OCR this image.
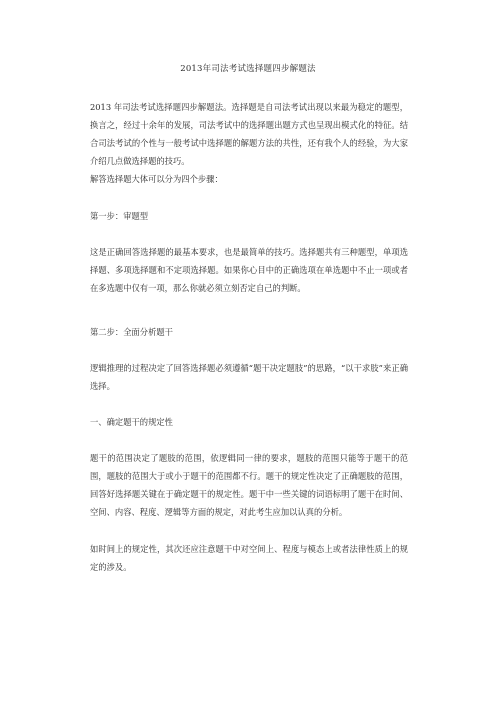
2013年司法考试选择题四步解题法

2013 年司法考试选择题四步解题法。选择题是自司法考试出现以来最为稳定的题型，换言之，经过十余年的发展，司法考试中的选择题出题方式也呈现出模式化的特征。结合司法考试的个性与一般考试中选择题的解题方法的共性，还有我个人的经验，为大家介绍几点做选择题的技巧。

解答选择题大体可以分为四个步骤：

第一步：审题型

这是正确回答选择题的最基本要求，也是最简单的技巧。选择题共有三种题型，单项选择题、多项选择题和不定项选择题。如果你心目中的正确选项在单选题中不止一项或者在多选题中仅有一项，那么你就必须立刻否定自己的判断。

第二步：全面分析题干

逻辑推理的过程决定了回答选择题必须遵循“题干决定题肢”的思路，“以干求肢”来正确选择。

一、确定题干的规定性

题干的范围决定了题肢的范围，依逻辑同一律的要求，题肢的范围只能等于题干的范围，题肢的范围大于或小于题干的范围都不行。题干的规定性决定了正确题肢的范围，回答好选择题关键在于确定题干的规定性。题干中一些关键的词语标明了题干在时间、空间、内容、程度、逻辑等方面的规定，对此考生应加以认真的分析。

如时间上的规定性，其次还应注意题干中对空间上、程度与模态上或者法律性质上的规定的涉及。
